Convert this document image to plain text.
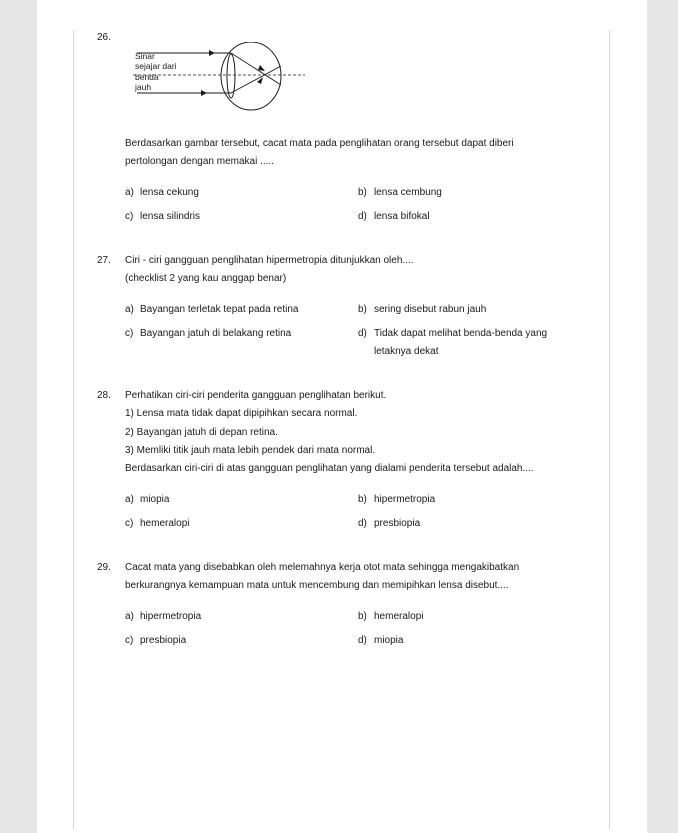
26.
Sinar
sejajar dari
benda
jauh
Berdasarkan gambar tersebut, cacat mata pada penglihatan orang tersebut dapat diberi
pertolongan dengan memakai .....
a) lensa cekung	b) lensa cembung
c) lensa silindris	d) lensa bifokal
27. Ciri - ciri gangguan penglihatan hipermetropia ditunjukkan oleh....
(checklist 2 yang kau anggap benar)
a) Bayangan terletak tepat pada retina	b) sering disebut rabun jauh
c) Bayangan jatuh di belakang retina	d) Tidak dapat melihat benda-benda yang
letaknya dekat
28. Perhatikan ciri-ciri penderita gangguan penglihatan berikut.
1) Lensa mata tidak dapat dipipihkan secara normal.
2) Bayangan jatuh di depan retina.
3) Memliki titik jauh mata lebih pendek dari mata normal.
Berdasarkan ciri-ciri di atas gangguan penglihatan yang dialami penderita tersebut adalah....
a) miopia	b) hipermetropia
c) hemeralopi	d) presbiopia
29. Cacat mata yang disebabkan oleh melemahnya kerja otot mata sehingga mengakibatkan
berkurangnya kemampuan mata untuk mencembung dan memipihkan lensa disebut....
a) hipermetropia	b) hemeralopi
c) presbiopia	d) miopia
